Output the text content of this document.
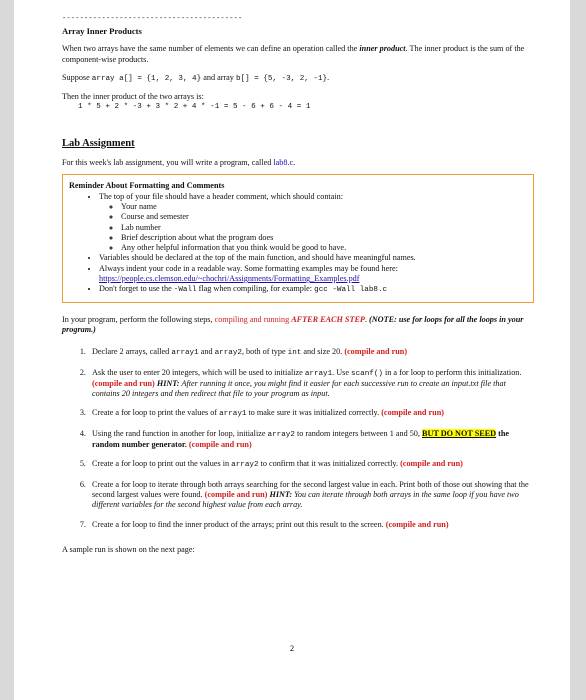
-----------------------------------------
Array Inner Products

When two arrays have the same number of elements we can define an operation called the inner product. The inner product is the sum of the component-wise products.

Suppose array a[] = {1, 2, 3, 4} and array b[] = {5, -3, 2, -1}.

Then the inner product of the two arrays is:

1 * 5 + 2 * -3 + 3 * 2 + 4 * -1 = 5 - 6 + 6 - 4 = 1

Lab Assignment

For this week's lab assignment, you will write a program, called lab8.c.

Reminder About Formatting and Comments
• The top of your file should have a header comment, which should contain:
◦ Your name
◦ Course and semester
◦ Lab number
◦ Brief description about what the program does
◦ Any other helpful information that you think would be good to have.
• Variables should be declared at the top of the main function, and should have meaningful names.
• Always indent your code in a readable way. Some formatting examples may be found here:
https://people.cs.clemson.edu/~chochri/Assignments/Formatting_Examples.pdf
• Don't forget to use the -Wall flag when compiling, for example: gcc -Wall lab8.c

In your program, perform the following steps, compiling and running AFTER EACH STEP. (NOTE: use for loops for all the loops in your program.)

1. Declare 2 arrays, called array1 and array2, both of type int and size 20. (compile and run)
2. Ask the user to enter 20 integers, which will be used to initialize array1. Use scanf() in a for loop to perform this initialization. (compile and run) HINT: After running it once, you might find it easier for each successive run to create an input.txt file that contains 20 integers and then redirect that file to your program as input.
3. Create a for loop to print the values of array1 to make sure it was initialized correctly. (compile and run)
4. Using the rand function in another for loop, initialize array2 to random integers between 1 and 50, BUT DO NOT SEED the random number generator. (compile and run)
5. Create a for loop to print out the values in array2 to confirm that it was initialized correctly. (compile and run)
6. Create a for loop to iterate through both arrays searching for the second largest value in each. Print both of those out showing that the second largest values were found. (compile and run) HINT: You can iterate through both arrays in the same loop if you have two different variables for the second highest value from each array.
7. Create a for loop to find the inner product of the arrays; print out this result to the screen. (compile and run)

A sample run is shown on the next page:

2
